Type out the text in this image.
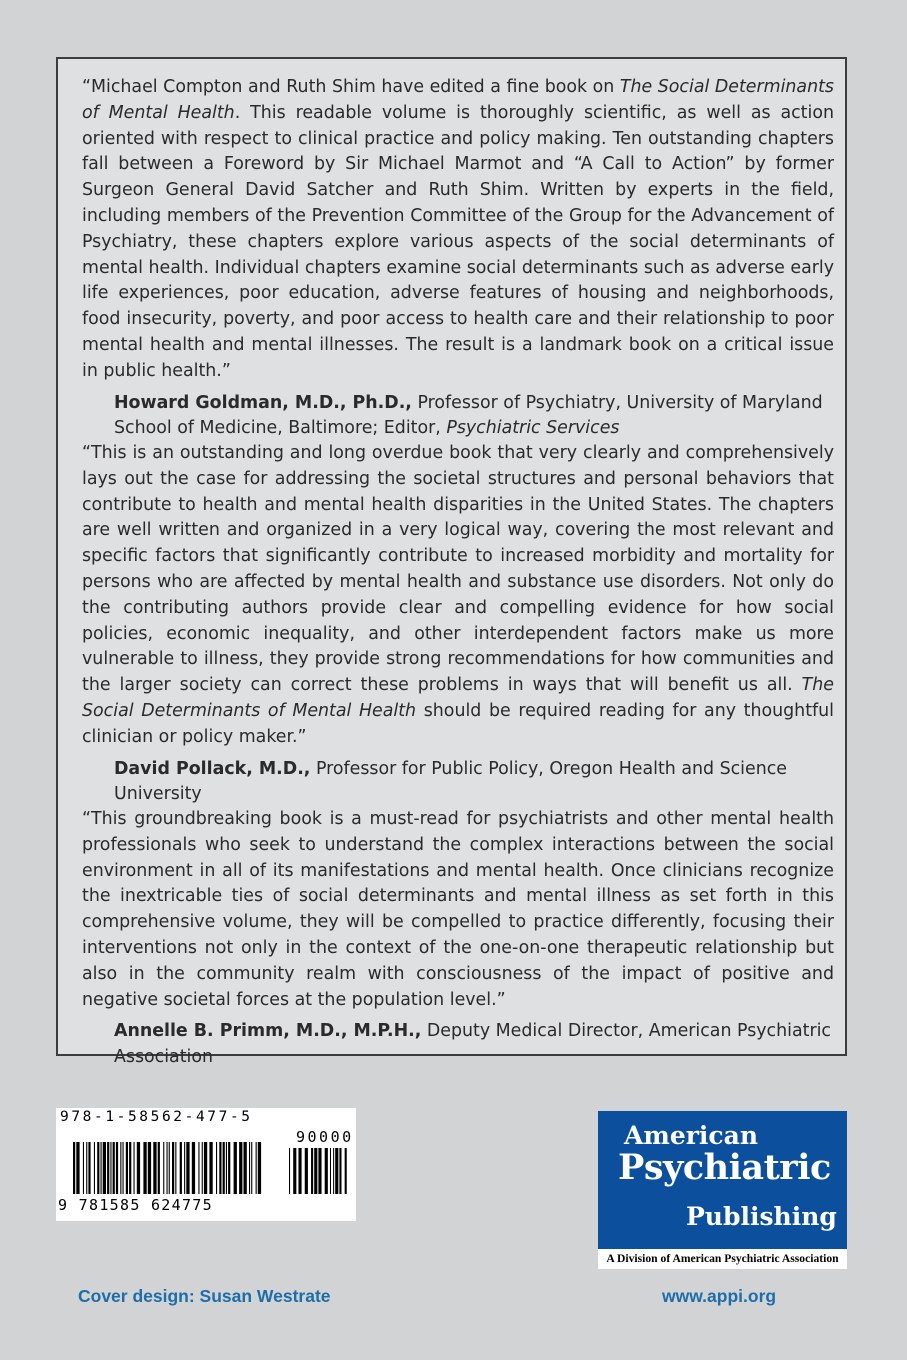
“Michael Compton and Ruth Shim have edited a fine book on The Social Determinants of Mental Health. This readable volume is thoroughly scientific, as well as action oriented with respect to clinical practice and policy making. Ten outstanding chapters fall between a Foreword by Sir Michael Marmot and “A Call to Action” by former Surgeon General David Satcher and Ruth Shim. Written by experts in the field, including members of the Prevention Committee of the Group for the Advancement of Psychiatry, these chapters explore various aspects of the social determinants of mental health. Individual chapters examine social determinants such as adverse early life experiences, poor education, adverse features of housing and neighborhoods, food insecurity, poverty, and poor access to health care and their relationship to poor mental health and mental illnesses. The result is a landmark book on a critical issue in public health.”

Howard Goldman, M.D., Ph.D., Professor of Psychiatry, University of Maryland School of Medicine, Baltimore; Editor, Psychiatric Services

“This is an outstanding and long overdue book that very clearly and comprehensively lays out the case for addressing the societal structures and personal behaviors that contribute to health and mental health disparities in the United States. The chapters are well written and organized in a very logical way, covering the most relevant and specific factors that significantly contribute to increased morbidity and mortality for persons who are affected by mental health and substance use disorders. Not only do the contributing authors provide clear and compelling evidence for how social policies, economic inequality, and other interdependent factors make us more vulnerable to illness, they provide strong recommendations for how communities and the larger society can correct these problems in ways that will benefit us all. The Social Determinants of Mental Health should be required reading for any thoughtful clinician or policy maker.”

David Pollack, M.D., Professor for Public Policy, Oregon Health and Science University

“This groundbreaking book is a must-read for psychiatrists and other mental health professionals who seek to understand the complex interactions between the social environment in all of its manifestations and mental health. Once clinicians recognize the inextricable ties of social determinants and mental illness as set forth in this comprehensive volume, they will be compelled to practice differently, focusing their interventions not only in the context of the one-on-one therapeutic relationship but also in the community realm with consciousness of the impact of positive and negative societal forces at the population level.”

Annelle B. Primm, M.D., M.P.H., Deputy Medical Director, American Psychiatric Association

978-1-58562-477-5
90000
9 781585 624775
Cover design: Susan Westrate
American
Psychiatric
Publishing
A Division of American Psychiatric Association
www.appi.org
